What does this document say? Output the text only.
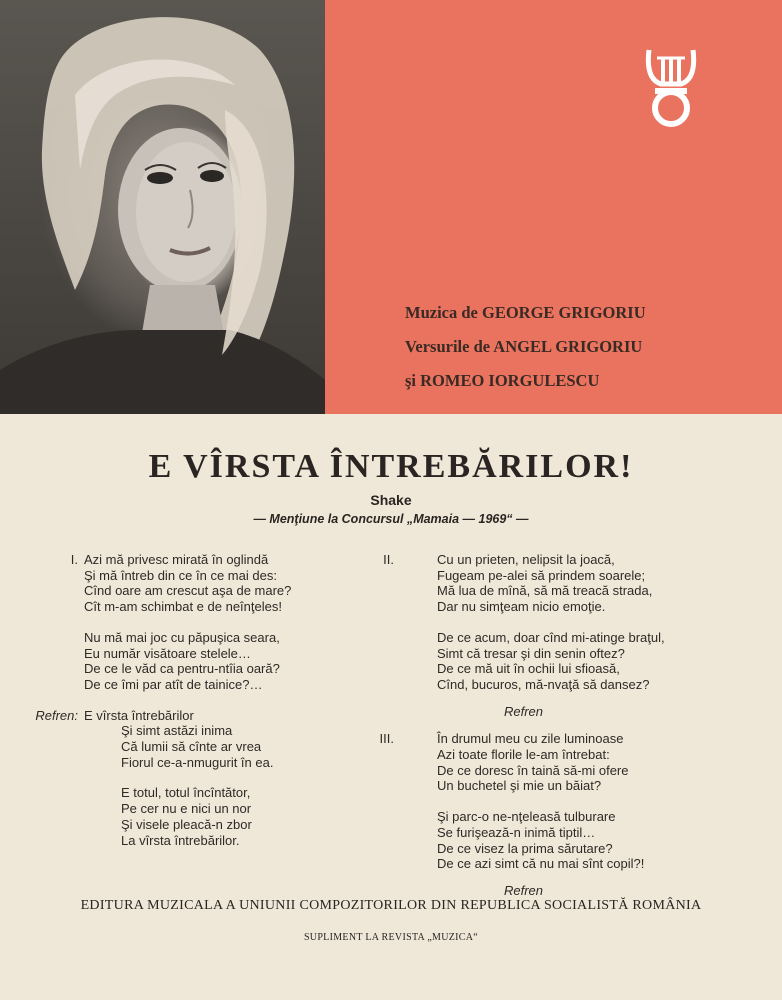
Muzica de GEORGE GRIGORIU
Versurile de ANGEL GRIGORIU
şi ROMEO IORGULESCU
E VÎRSTA ÎNTREBĂRILOR!
Shake
— Menţiune la Concursul „Mamaia — 1969“ —
I. Azi mă privesc mirată în oglindă
Şi mă întreb din ce în ce mai des:
Cînd oare am crescut aşa de mare?
Cît m-am schimbat e de neînţeles!
Nu mă mai joc cu păpuşica seara,
Eu număr visătoare stelele…
De ce le văd ca pentru-ntîia oară?
De ce îmi par atît de tainice?…
Refren: E vîrsta întrebărilor
Şi simt astăzi inima
Că lumii să cînte ar vrea
Fiorul ce-a-nmugurit în ea.
E totul, totul încîntător,
Pe cer nu e nici un nor
Şi visele pleacă-n zbor
La vîrsta întrebărilor.
II.	Cu un prieten, nelipsit la joacă,
Fugeam pe-alei să prindem soarele;
Mă lua de mînă, să mă treacă strada,
Dar nu simţeam nicio emoţie.
De ce acum, doar cînd mi-atinge braţul,
Simt că tresar şi din senin oftez?
De ce mă uit în ochii lui sfioasă,
Cînd, bucuros, mă-nvaţă să dansez?
Refren
III.	În drumul meu cu zile luminoase
Azi toate florile le-am întrebat:
De ce doresc în taină să-mi ofere
Un buchetel şi mie un băiat?
Şi parc-o ne-nţeleasă tulburare
Se furişează-n inimă tiptil…
De ce visez la prima sărutare?
De ce azi simt că nu mai sînt copil?!
Refren
EDITURA MUZICALA A UNIUNII COMPOZITORILOR DIN REPUBLICA SOCIALISTĂ ROMÂNIA
SUPLIMENT LA REVISTA „MUZICA“
